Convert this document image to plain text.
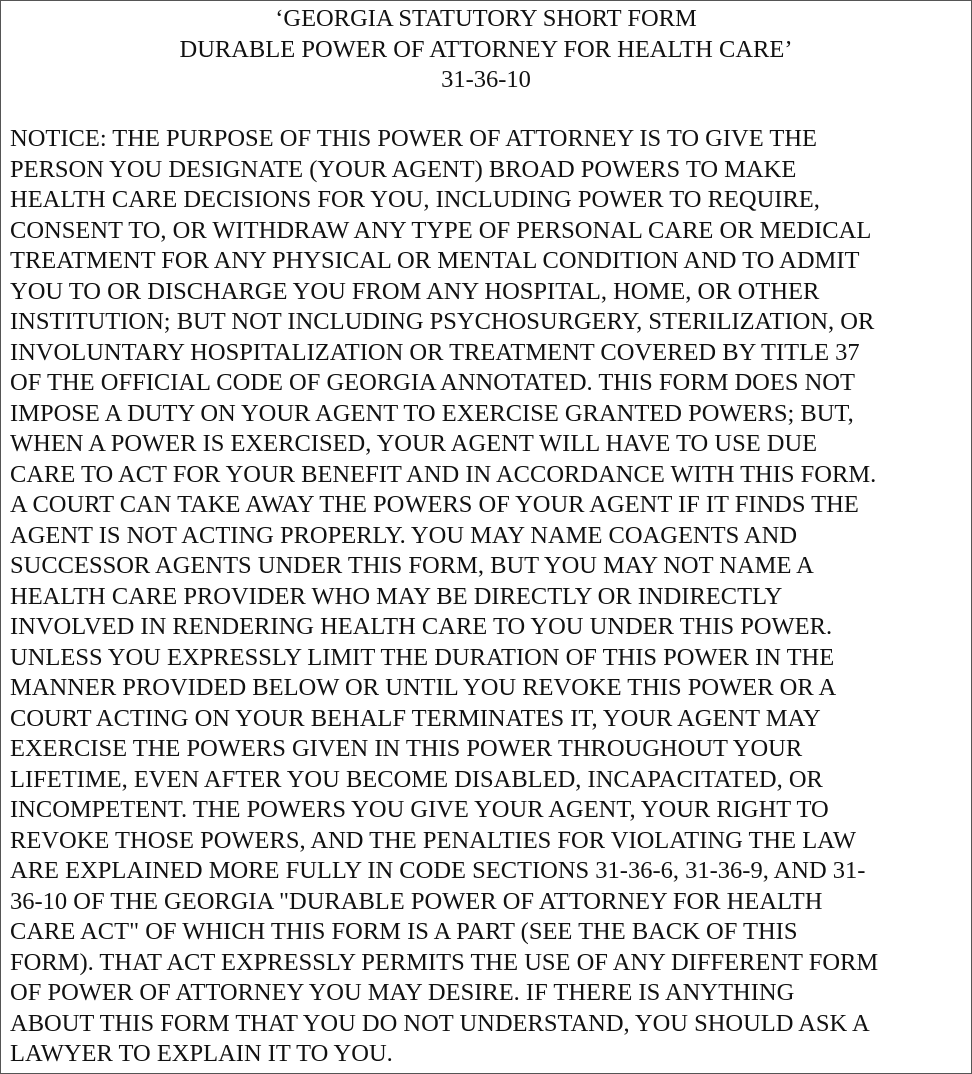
‘GEORGIA STATUTORY SHORT FORM
DURABLE POWER OF ATTORNEY FOR HEALTH CARE’
31-36-10
NOTICE: THE PURPOSE OF THIS POWER OF ATTORNEY IS TO GIVE THE
PERSON YOU DESIGNATE (YOUR AGENT) BROAD POWERS TO MAKE
HEALTH CARE DECISIONS FOR YOU, INCLUDING POWER TO REQUIRE,
CONSENT TO, OR WITHDRAW ANY TYPE OF PERSONAL CARE OR MEDICAL
TREATMENT FOR ANY PHYSICAL OR MENTAL CONDITION AND TO ADMIT
YOU TO OR DISCHARGE YOU FROM ANY HOSPITAL, HOME, OR OTHER
INSTITUTION; BUT NOT INCLUDING PSYCHOSURGERY, STERILIZATION, OR
INVOLUNTARY HOSPITALIZATION OR TREATMENT COVERED BY TITLE 37
OF THE OFFICIAL CODE OF GEORGIA ANNOTATED. THIS FORM DOES NOT
IMPOSE A DUTY ON YOUR AGENT TO EXERCISE GRANTED POWERS; BUT,
WHEN A POWER IS EXERCISED, YOUR AGENT WILL HAVE TO USE DUE
CARE TO ACT FOR YOUR BENEFIT AND IN ACCORDANCE WITH THIS FORM.
A COURT CAN TAKE AWAY THE POWERS OF YOUR AGENT IF IT FINDS THE
AGENT IS NOT ACTING PROPERLY. YOU MAY NAME COAGENTS AND
SUCCESSOR AGENTS UNDER THIS FORM, BUT YOU MAY NOT NAME A
HEALTH CARE PROVIDER WHO MAY BE DIRECTLY OR INDIRECTLY
INVOLVED IN RENDERING HEALTH CARE TO YOU UNDER THIS POWER.
UNLESS YOU EXPRESSLY LIMIT THE DURATION OF THIS POWER IN THE
MANNER PROVIDED BELOW OR UNTIL YOU REVOKE THIS POWER OR A
COURT ACTING ON YOUR BEHALF TERMINATES IT, YOUR AGENT MAY
EXERCISE THE POWERS GIVEN IN THIS POWER THROUGHOUT YOUR
LIFETIME, EVEN AFTER YOU BECOME DISABLED, INCAPACITATED, OR
INCOMPETENT. THE POWERS YOU GIVE YOUR AGENT, YOUR RIGHT TO
REVOKE THOSE POWERS, AND THE PENALTIES FOR VIOLATING THE LAW
ARE EXPLAINED MORE FULLY IN CODE SECTIONS 31-36-6, 31-36-9, AND 31-
36-10 OF THE GEORGIA "DURABLE POWER OF ATTORNEY FOR HEALTH
CARE ACT" OF WHICH THIS FORM IS A PART (SEE THE BACK OF THIS
FORM). THAT ACT EXPRESSLY PERMITS THE USE OF ANY DIFFERENT FORM
OF POWER OF ATTORNEY YOU MAY DESIRE. IF THERE IS ANYTHING
ABOUT THIS FORM THAT YOU DO NOT UNDERSTAND, YOU SHOULD ASK A
LAWYER TO EXPLAIN IT TO YOU.
